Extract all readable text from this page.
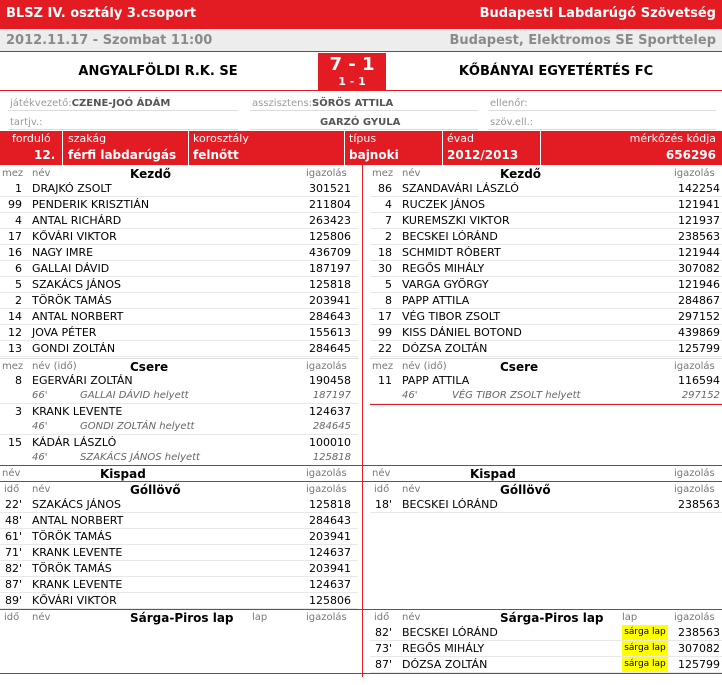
BLSZ IV. osztály 3.csoport	Budapesti Labdarúgó Szövetség
2012.11.17 - Szombat 11:00	Budapest, Elektromos SE Sporttelep
ANGYALFÖLDI R.K. SE	7 - 1
1 - 1
KŐBÁNYAI EGYETÉRTÉS FC
játékvezető:CZENE-JOÓ ÁDÁM	asszisztens:SÖRÖS ATTILA	ellenőr:
tartjv.:	GARZÓ GYULA	szöv.ell.:
forduló
12.
szakág
férfi labdarúgás
korosztály
felnőtt
típus
bajnoki
évad
2012/2013
mérkőzés kódja
656296
mez név	Kezdő	igazolás
1 DRAJKÓ ZSOLT	301521
99 PENDERIK KRISZTIÁN	211804
4 ANTAL RICHÁRD	263423
17 KŐVÁRI VIKTOR	125806
16 NAGY IMRE	436709
6 GALLAI DÁVID	187197
5 SZAKÁCS JÁNOS	125818
2 TÖRÖK TAMÁS	203941
14 ANTAL NORBERT	284643
12 JOVA PÉTER	155613
13 GONDI ZOLTÁN	284645
mez név	Kezdő	igazolás
86 SZANDAVÁRI LÁSZLÓ	142254
4 RUCZEK JÁNOS	121941
7 KUREMSZKI VIKTOR	121937
2 BECSKEI LÓRÁND	238563
18 SCHMIDT RÓBERT	121944
30 REGŐS MIHÁLY	307082
5 VARGA GYÖRGY	121946
8 PAPP ATTILA	284867
17 VÉG TIBOR ZSOLT	297152
99 KISS DÁNIEL BOTOND	439869
22 DÓZSA ZOLTÁN	125799
mez név (idő)	Csere	igazolás
8 EGERVÁRI ZOLTÁN	190458
66'	GALLAI DÁVID helyett	187197
3 KRANK LEVENTE	124637
46'	GONDI ZOLTÁN helyett	284645
15 KÁDÁR LÁSZLÓ	100010
46'	SZAKÁCS JÁNOS helyett	125818
mez név (idő)	Csere	igazolás
11 PAPP ATTILA	116594
46'	VÉG TIBOR ZSOLT helyett	297152
név	Kispad	igazolás	név	Kispad	igazolás
idő név	Góllövő	igazolás
22' SZAKÁCS JÁNOS	125818
48' ANTAL NORBERT	284643
61' TÖRÖK TAMÁS	203941
71' KRANK LEVENTE	124637
82' TÖRÖK TAMÁS	203941
87' KRANK LEVENTE	124637
89' KŐVÁRI VIKTOR	125806
idő név	Góllövő	igazolás
18' BECSKEI LÓRÁND	238563
idő név	Sárga-Piros lap lap	igazolás	idő név	Sárga-Piros lap lap	igazolás
82' BECSKEI LÓRÁND	sárga lap	238563
73' REGŐS MIHÁLY	sárga lap	307082
87' DÓZSA ZOLTÁN	sárga lap	125799
